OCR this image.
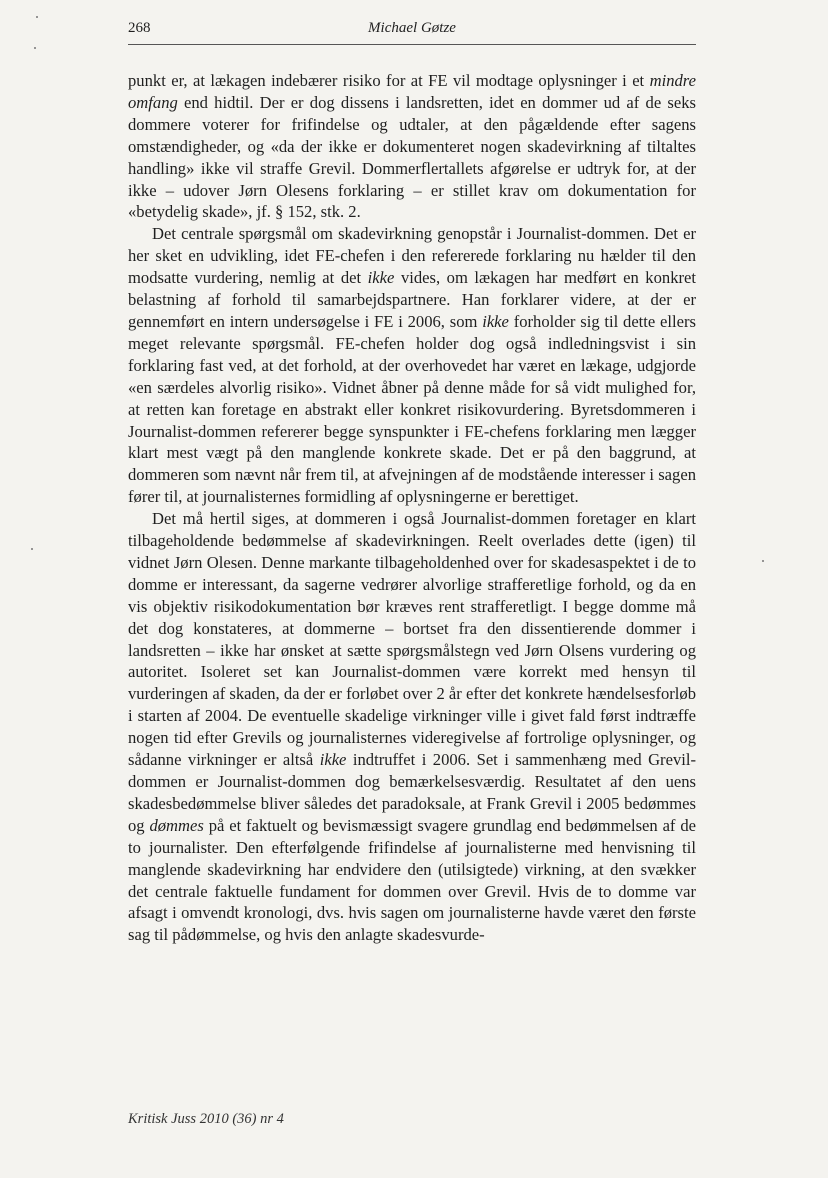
268	Michael Gøtze

punkt er, at lækagen indebærer risiko for at FE vil modtage oplysninger i et mindre omfang end hidtil. Der er dog dissens i landsretten, idet en dommer ud af de seks dommere voterer for frifindelse og udtaler, at den pågældende efter sagens omstændigheder, og «da der ikke er dokumenteret nogen skadevirkning af tiltaltes handling» ikke vil straffe Grevil. Dommerflertallets afgørelse er udtryk for, at der ikke – udover Jørn Olesens forklaring – er stillet krav om dokumentation for «betydelig skade», jf. § 152, stk. 2.

Det centrale spørgsmål om skadevirkning genopstår i Journalist-dommen. Det er her sket en udvikling, idet FE-chefen i den refererede forklaring nu hælder til den modsatte vurdering, nemlig at det ikke vides, om lækagen har medført en konkret belastning af forhold til samarbejdspartnere. Han forklarer videre, at der er gennemført en intern undersøgelse i FE i 2006, som ikke forholder sig til dette ellers meget relevante spørgsmål. FE-chefen holder dog også indledningsvist i sin forklaring fast ved, at det forhold, at der overhovedet har været en lækage, udgjorde «en særdeles alvorlig risiko». Vidnet åbner på denne måde for så vidt mulighed for, at retten kan foretage en abstrakt eller konkret risikovurdering. Byretsdommeren i Journalist-dommen refererer begge synspunkter i FE-chefens forklaring men lægger klart mest vægt på den manglende konkrete skade. Det er på den baggrund, at dommeren som nævnt når frem til, at afvejningen af de modstående interesser i sagen fører til, at journalisternes formidling af oplysningerne er berettiget.

Det må hertil siges, at dommeren i også Journalist-dommen foretager en klart tilbageholdende bedømmelse af skadevirkningen. Reelt overlades dette (igen) til vidnet Jørn Olesen. Denne markante tilbageholdenhed over for skadesaspektet i de to domme er interessant, da sagerne vedrører alvorlige strafferetlige forhold, og da en vis objektiv risikodokumentation bør kræves rent strafferetligt. I begge domme må det dog konstateres, at dommerne – bortset fra den dissentierende dommer i landsretten – ikke har ønsket at sætte spørgsmålstegn ved Jørn Olsens vurdering og autoritet. Isoleret set kan Journalist-dommen være korrekt med hensyn til vurderingen af skaden, da der er forløbet over 2 år efter det konkrete hændelsesforløb i starten af 2004. De eventuelle skadelige virkninger ville i givet fald først indtræffe nogen tid efter Grevils og journalisternes videregivelse af fortrolige oplysninger, og sådanne virkninger er altså ikke indtruffet i 2006. Set i sammenhæng med Grevil-dommen er Journalist-dommen dog bemærkelsesværdig. Resultatet af den uens skadesbedømmelse bliver således det paradoksale, at Frank Grevil i 2005 bedømmes og dømmes på et faktuelt og bevismæssigt svagere grundlag end bedømmelsen af de to journalister. Den efterfølgende frifindelse af journalisterne med henvisning til manglende skadevirkning har endvidere den (utilsigtede) virkning, at den svækker det centrale faktuelle fundament for dommen over Grevil. Hvis de to domme var afsagt i omvendt kronologi, dvs. hvis sagen om journalisterne havde været den første sag til pådømmelse, og hvis den anlagte skadesvurde-

Kritisk Juss 2010 (36) nr 4
